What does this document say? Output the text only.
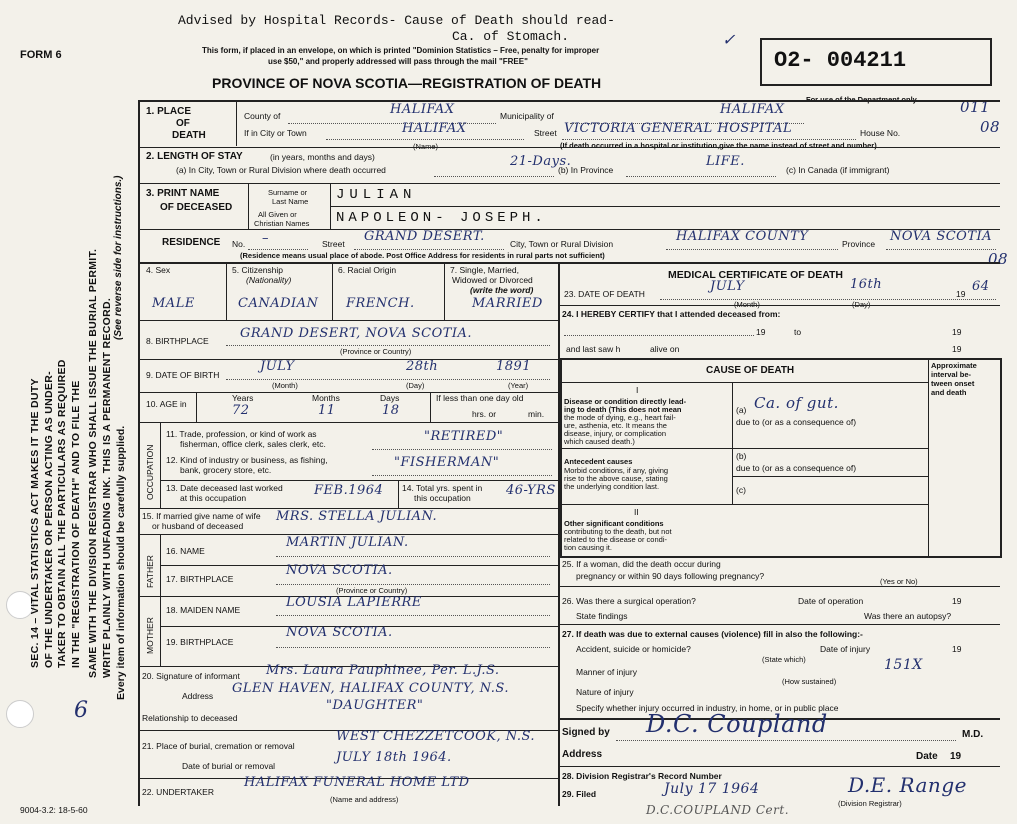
Advised by Hospital Records- Cause of Death should read-
Ca. of Stomach.	✓
FORM 6	This form, if placed in an envelope, on which is printed "Dominion Statistics – Free, penalty for improper
use $50," and properly addressed will pass through the mail "FREE"
PROVINCE OF NOVA SCOTIA—REGISTRATION OF DEATH
O2- 004211
For use of the Department only	011
08
08
SEC. 14 – VITAL STATISTICS ACT MAKES IT THE DUTY OF THE UNDERTAKER OR PERSON ACTING AS UNDER- TAKER TO OBTAIN ALL THE PARTICULARS AS REQUIRED IN THE "REGISTRATION OF DEATH" AND TO FILE THE SAME WITH THE DIVISION REGISTRAR WHO SHALL ISSUE THE BURIAL PERMIT. WRITE PLAINLY WITH UNFADING INK. THIS IS A PERMANENT RECORD.
(See reverse side for instructions.)
Every item of information should be carefully supplied.
6
1. PLACE
OF
DEATH
County of	HALIFAX	Municipality of	HALIFAX
If in City or Town	HALIFAX
(Name)
Street VICTORIA GENERAL HOSPITAL	House No.
(If death occurred in a hospital or institution,give the name instead of street and number)
2. LENGTH OF STAY	(in years, months and days)
(a) In City, Town or Rural Division where death occurred
21-Days.
(b) In Province
LIFE.
(c) In Canada (if immigrant)
3. PRINT NAME
OF DECEASED
Surname or
Last Name
All Given or
Christian Names
JULIAN
NAPOLEON- JOSEPH.
RESIDENCE No. –	Street GRAND DESERT.	City, Town or Rural Division	HALIFAX COUNTY	Province NOVA SCOTIA
(Residence means usual place of abode. Post Office Address for residents in rural parts not sufficient)
4. Sex	5. Citizenship
(Nationality)
6. Racial Origin	7. Single, Married,
Widowed or Divorced
(write the word)
MALE	CANADIAN FRENCH.	MARRIED
8. BIRTHPLACE GRAND DESERT, NOVA SCOTIA.
(Province or Country)
9. DATE OF BIRTH
JULY	28th	1891
(Month)	(Day)	(Year)
10. AGE in
Years	Months	Days
72	11	18
If less than one day old
hrs. or	min.
OCCUPATION
11. Trade, profession, or kind of work as
fisherman, office clerk, sales clerk, etc.	"RETIRED"
12. Kind of industry or business, as fishing,
bank, grocery store, etc.	"FISHERMAN"
13. Date deceased last worked
at this occupation	FEB.1964 14. Total yrs. spent in
this occupation	46-YRS
15. If married give name of wife
or husband of deceased
MRS. STELLA JULIAN.
FATHER
MOTHER
16. NAME
MARTIN JULIAN.
17. BIRTHPLACE
NOVA SCOTIA.
(Province or Country)
18. MAIDEN NAME	LOUSIA LAPIERRE
19. BIRTHPLACE
NOVA SCOTIA.
20. Signature of informant Mrs. Laura Pauphinee, Per. L.J.S.
Address GLEN HAVEN, HALIFAX COUNTY, N.S.
"DAUGHTER"
Relationship to deceased
21. Place of burial, cremation or removal
WEST CHEZZETCOOK, N.S.
Date of burial or removal
JULY 18th 1964.
22. UNDERTAKER
HALIFAX FUNERAL HOME LTD
(Name and address)
MEDICAL CERTIFICATE OF DEATH
23. DATE OF DEATH	JULY	16th
19 64
(Month)	(Day)
24. I HEREBY CERTIFY that I attended deceased from:
19	to	19
and last saw h	alive on	19
CAUSE OF DEATH	Approximate
interval be-
tween onset
and death
I
Disease or condition directly lead-
ing to death (This does not mean
the mode of dying, e.g., heart fail-
ure, asthenia, etc. It means the
disease, injury, or complication
which caused death.)
(a) Ca. of gut.
due to (or as a consequence of)
Antecedent causes
Morbid conditions, if any, giving
rise to the above cause, stating
the underlying condition last.
(b)
due to (or as a consequence of)
(c)
II
Other significant conditions
contributing to the death, but not
related to the disease or condi-
tion causing it.
25. If a woman, did the death occur during
pregnancy or within 90 days following pregnancy?
(Yes or No)
26. Was there a surgical operation?	Date of operation	19
State findings	Was there an autopsy?
27. If death was due to external causes (violence) fill in also the following:-
Accident, suicide or homicide?	Date of injury	19
(State which)
Manner of injury	151X
(How sustained)
Nature of injury
Specify whether injury occurred in industry, in home, or in public place
Signed by D.C. Coupland	M.D.
Address	Date 19
28. Division Registrar's Record Number
29. Filed	July 17 1964	D.E. Range
(Division Registrar)
D.C.COUPLAND Cert.
9004-3.2: 18-5-60
